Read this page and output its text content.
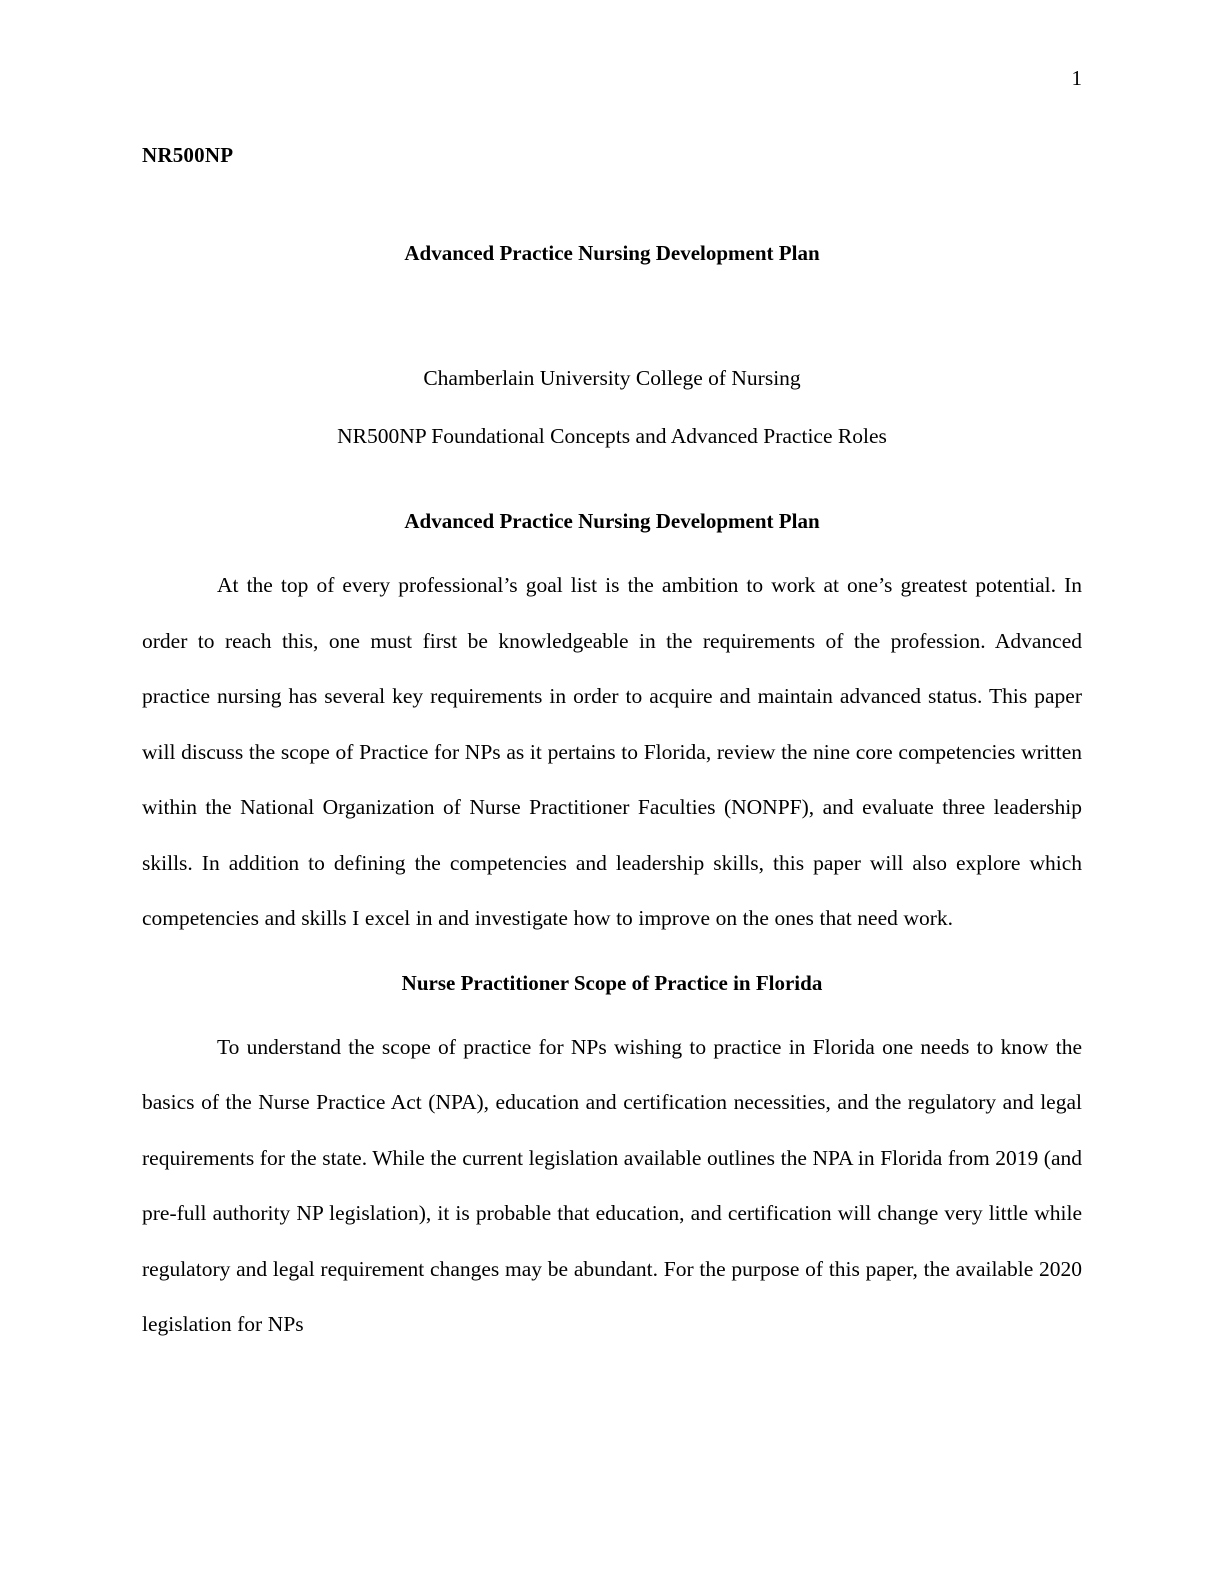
1
NR500NP
Advanced Practice Nursing Development Plan
Chamberlain University College of Nursing
NR500NP Foundational Concepts and Advanced Practice Roles
Advanced Practice Nursing Development Plan

At the top of every professional’s goal list is the ambition to work at one’s greatest potential. In order to reach this, one must first be knowledgeable in the requirements of the profession. Advanced practice nursing has several key requirements in order to acquire and maintain advanced status. This paper will discuss the scope of Practice for NPs as it pertains to Florida, review the nine core competencies written within the National Organization of Nurse Practitioner Faculties (NONPF), and evaluate three leadership skills. In addition to defining the competencies and leadership skills, this paper will also explore which competencies and skills I excel in and investigate how to improve on the ones that need work.

Nurse Practitioner Scope of Practice in Florida

To understand the scope of practice for NPs wishing to practice in Florida one needs to know the basics of the Nurse Practice Act (NPA), education and certification necessities, and the regulatory and legal requirements for the state. While the current legislation available outlines the NPA in Florida from 2019 (and pre-full authority NP legislation), it is probable that education, and certification will change very little while regulatory and legal requirement changes may be abundant. For the purpose of this paper, the available 2020 legislation for NPs
